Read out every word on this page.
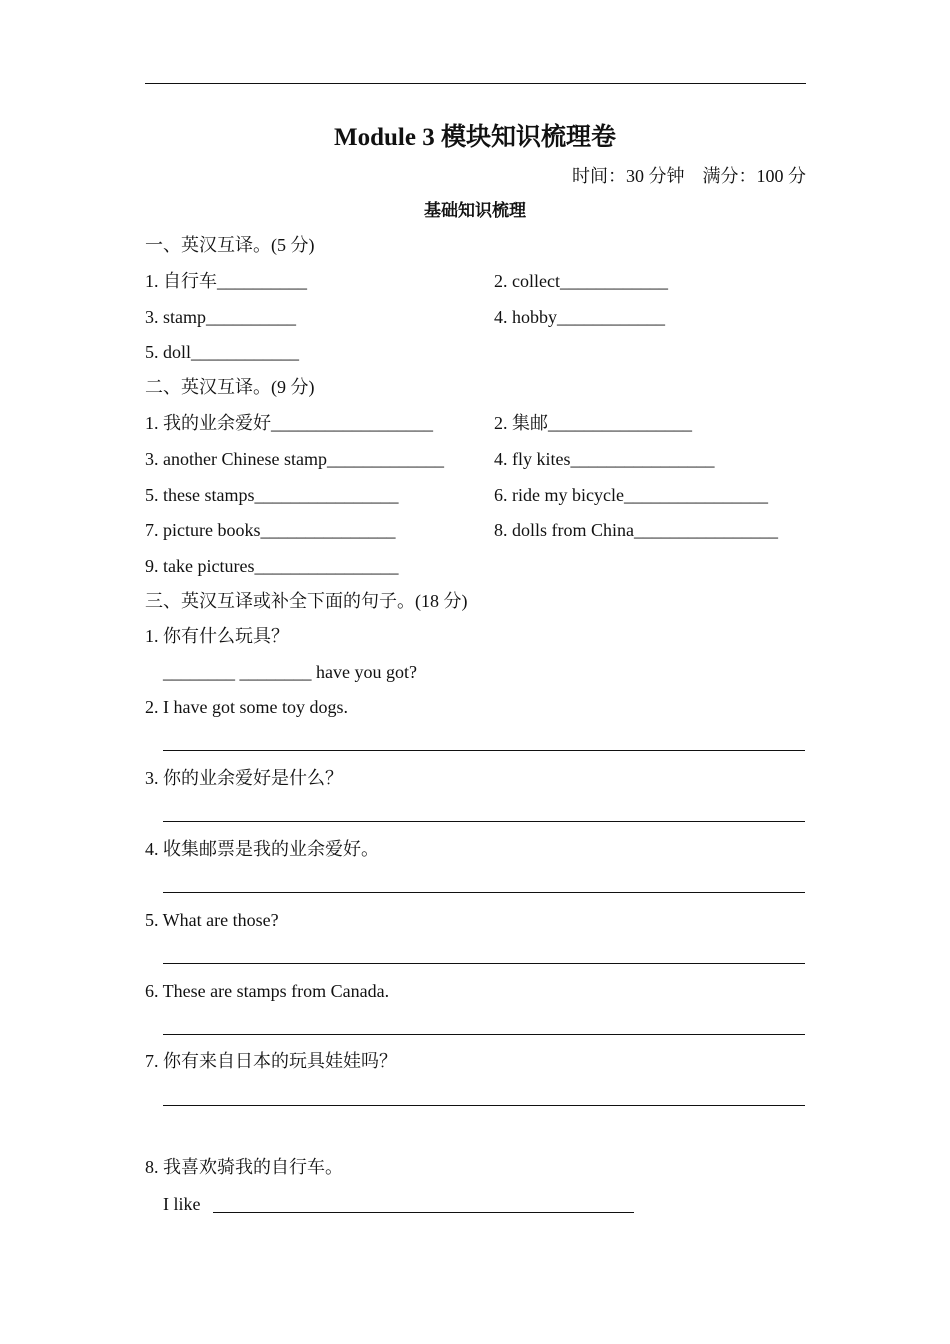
Module 3 模块知识梳理卷
时间：30 分钟　满分：100 分
基础知识梳理
一、英汉互译。(5 分)
1. 自行车__________	2. collect____________
3. stamp__________	4. hobby____________
5. doll____________
二、英汉互译。(9 分)
1. 我的业余爱好__________________	2. 集邮________________
3. another Chinese stamp_____________	4. fly kites________________
5. these stamps________________	6. ride my bicycle________________
7. picture books_______________	8. dolls from China________________
9. take pictures________________
三、英汉互译或补全下面的句子。(18 分)
1. 你有什么玩具？
________ ________ have you got?
2. I have got some toy dogs.
3. 你的业余爱好是什么？
4. 收集邮票是我的业余爱好。
5. What are those?
6. These are stamps from Canada.
7. 你有来自日本的玩具娃娃吗？
8. 我喜欢骑我的自行车。
I like
